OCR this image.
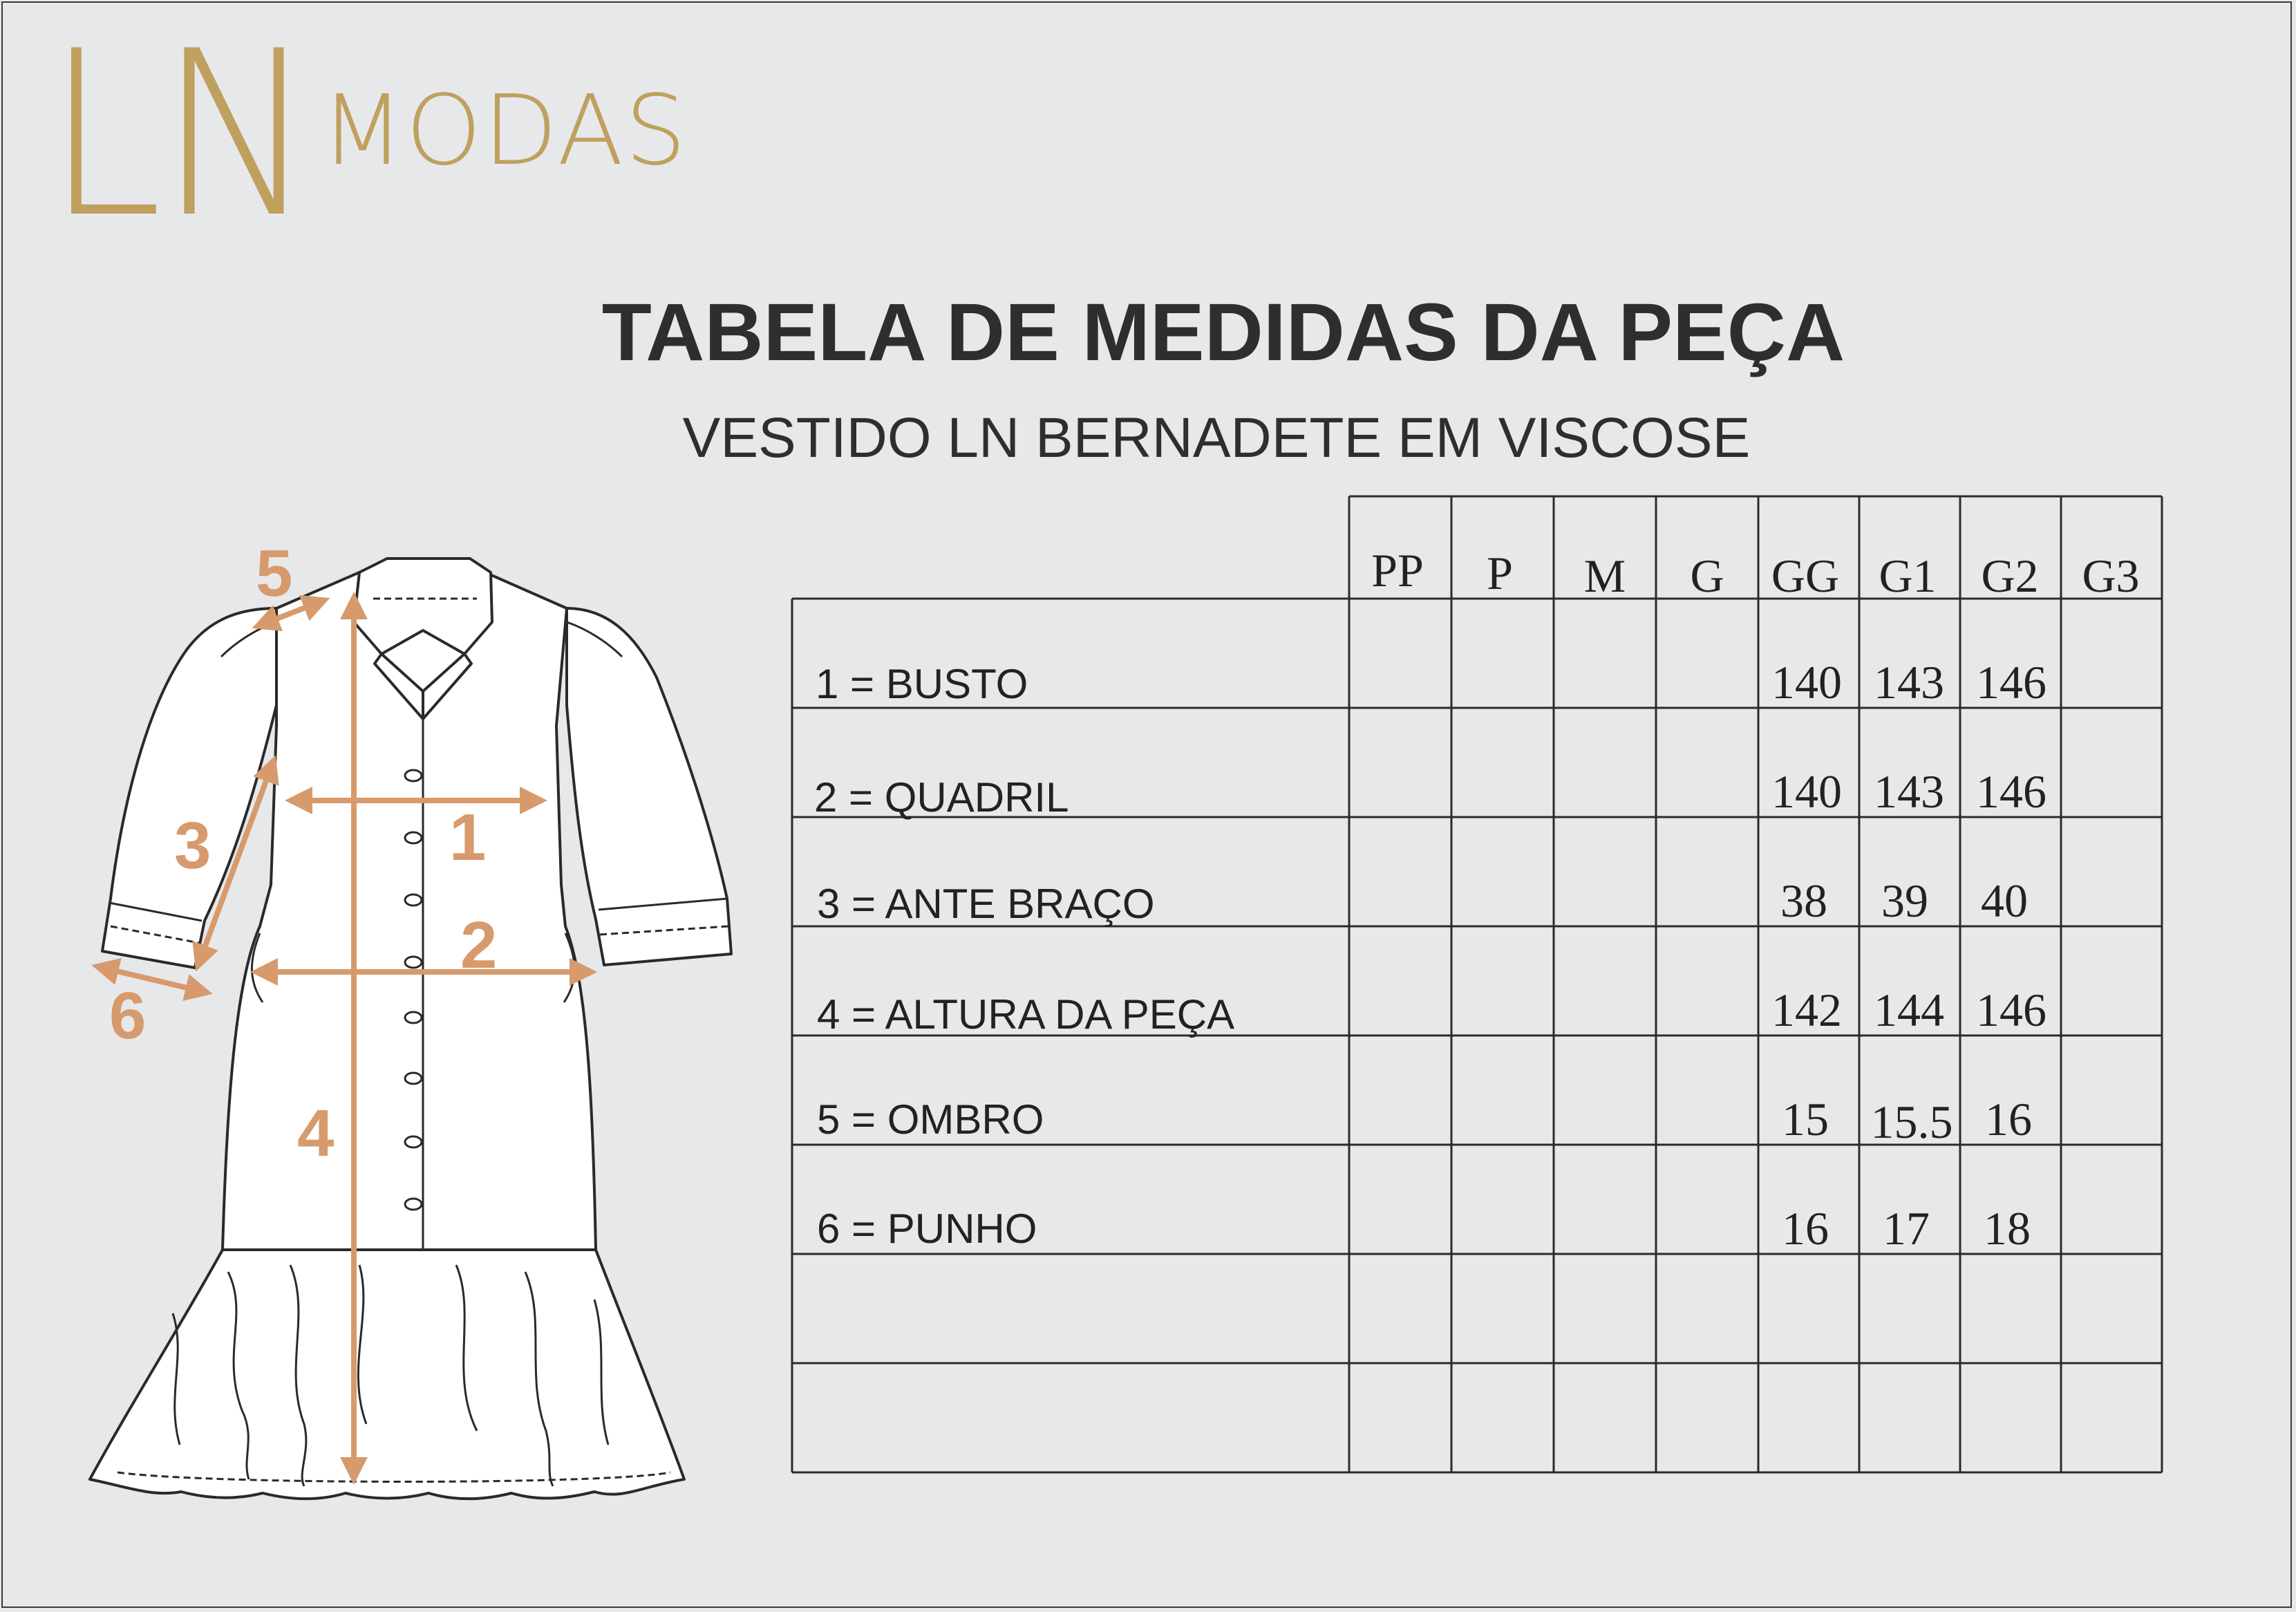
LN MODAS
TABELA DE MEDIDAS DA PEÇA
VESTIDO LN BERNADETE EM VISCOSE
1
2
3
4
5
6
PP P M G GG G1 G2 G3
1 = BUSTO
2 = QUADRIL
3 = ANTE BRAÇO
4 = ALTURA DA PEÇA
5 = OMBRO
6 = PUNHO
140 143 146
140 143 146
38 39 40
142 144 146
15 15.5 16
16 17 18
